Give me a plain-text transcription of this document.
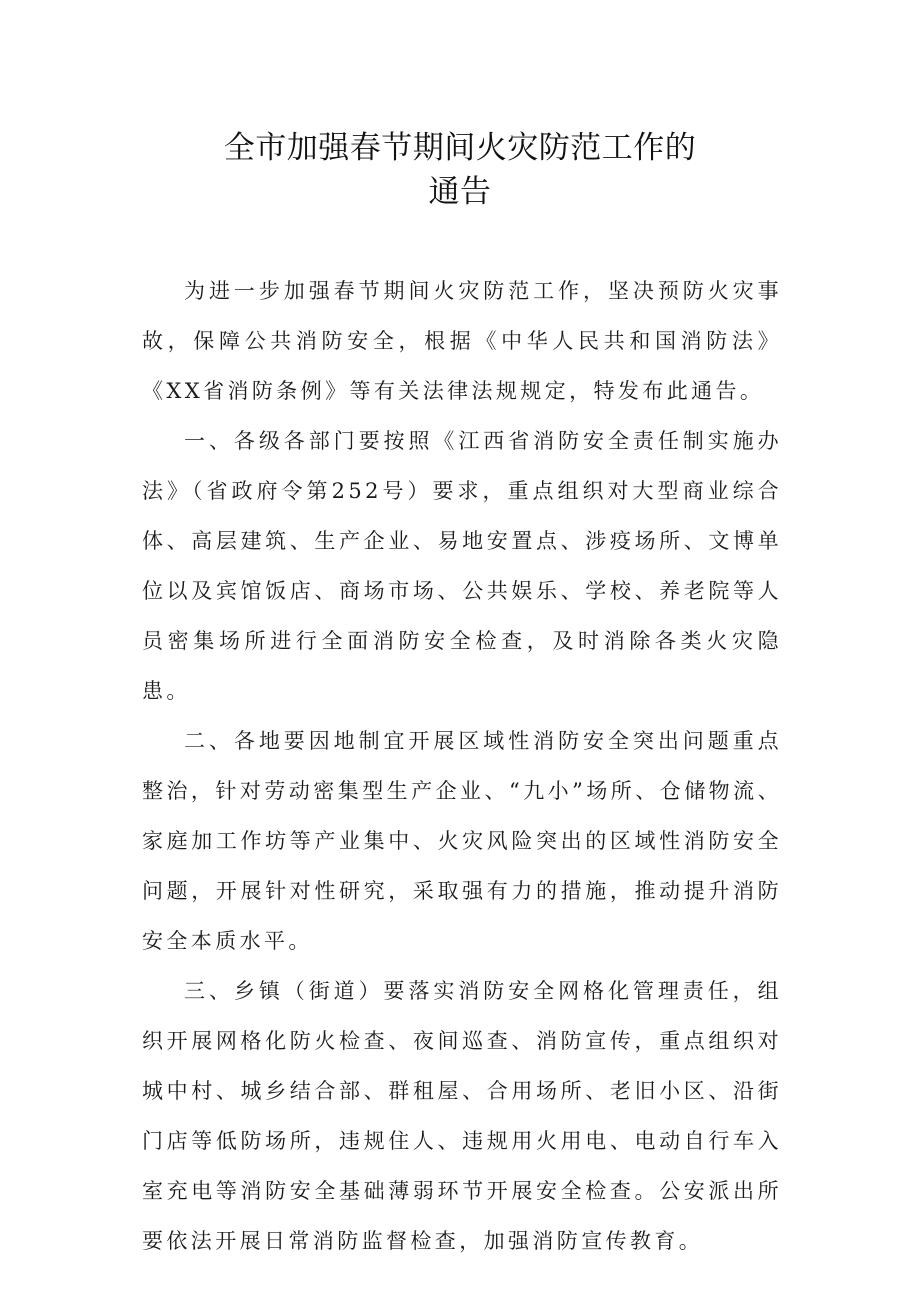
全市加强春节期间火灾防范工作的
通告

为进一步加强春节期间火灾防范工作，坚决预防火灾事故，保障公共消防安全，根据《中华人民共和国消防法》《XX省消防条例》等有关法律法规规定，特发布此通告。

一、各级各部门要按照《江西省消防安全责任制实施办法》（省政府令第252号）要求，重点组织对大型商业综合体、高层建筑、生产企业、易地安置点、涉疫场所、文博单位以及宾馆饭店、商场市场、公共娱乐、学校、养老院等人员密集场所进行全面消防安全检查，及时消除各类火灾隐患。

二、各地要因地制宜开展区域性消防安全突出问题重点整治，针对劳动密集型生产企业、“九小”场所、仓储物流、家庭加工作坊等产业集中、火灾风险突出的区域性消防安全问题，开展针对性研究，采取强有力的措施，推动提升消防安全本质水平。

三、乡镇（街道）要落实消防安全网格化管理责任，组织开展网格化防火检查、夜间巡查、消防宣传，重点组织对城中村、城乡结合部、群租屋、合用场所、老旧小区、沿街门店等低防场所，违规住人、违规用火用电、电动自行车入室充电等消防安全基础薄弱环节开展安全检查。公安派出所要依法开展日常消防监督检查，加强消防宣传教育。
